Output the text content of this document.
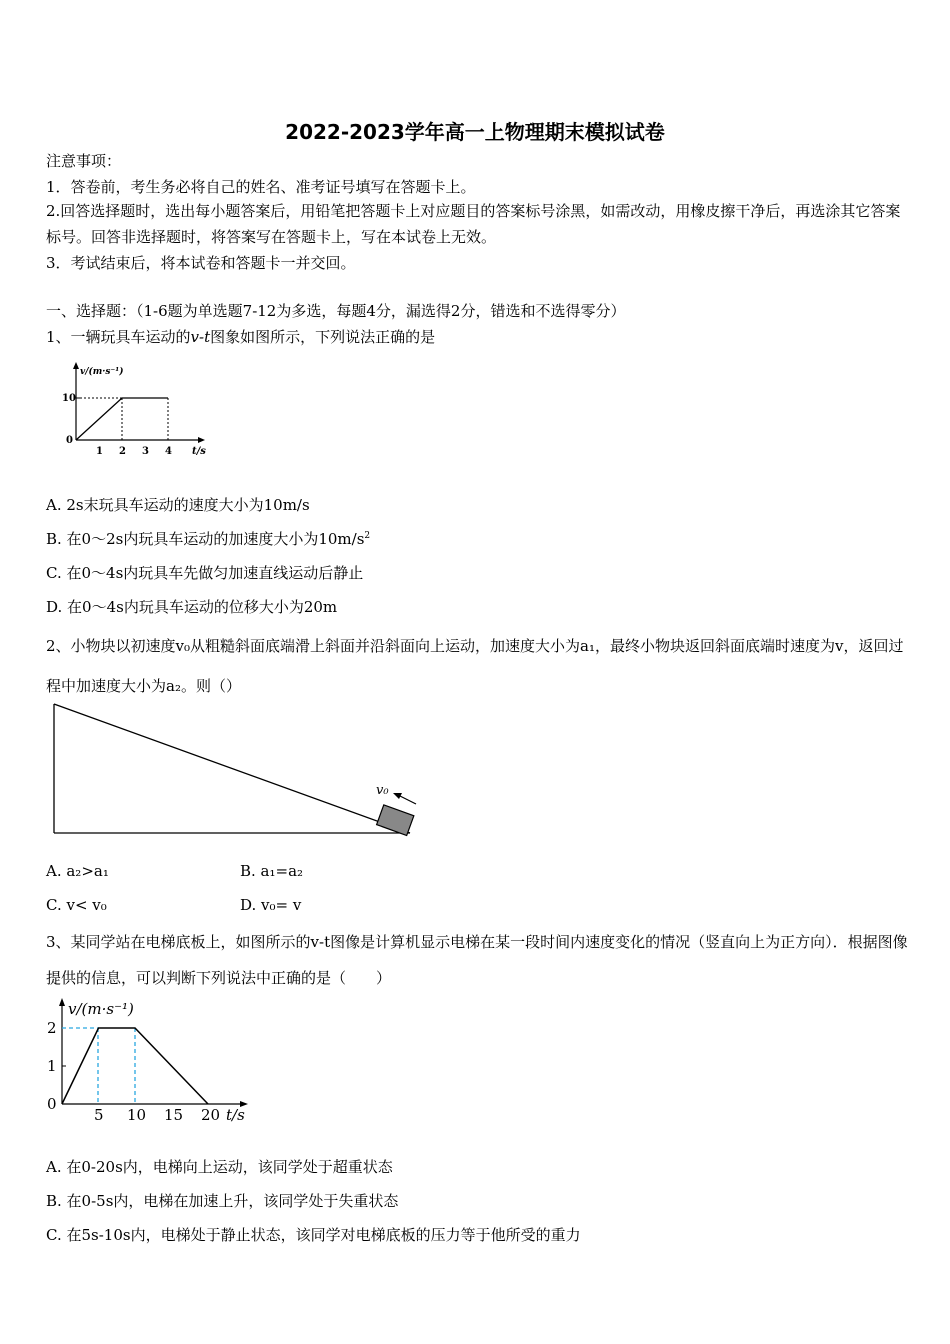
2022-2023学年高一上物理期末模拟试卷
注意事项：
1．答卷前，考生务必将自己的姓名、准考证号填写在答题卡上。
2.回答选择题时，选出每小题答案后，用铅笔把答题卡上对应题目的答案标号涂黑，如需改动，用橡皮擦干净后，再选涂其它答案标号。回答非选择题时，将答案写在答题卡上，写在本试卷上无效。
3．考试结束后，将本试卷和答题卡一并交回。
一、选择题：（1-6题为单选题7-12为多选，每题4分，漏选得2分，错选和不选得零分）
1、一辆玩具车运动的v-t图象如图所示，下列说法正确的是
v/(m·s⁻¹)
t/s
0
10
1 2 3 4
A. 2s末玩具车运动的速度大小为10m/s
B. 在0～2s内玩具车运动的加速度大小为$10m/s^2$
C. 在0～4s内玩具车先做匀加速直线运动后静止
D. 在0～4s内玩具车运动的位移大小为20m
2、小物块以初速度v₀从粗糙斜面底端滑上斜面并沿斜面向上运动，加速度大小为a₁，最终小物块返回斜面底端时速度为v，返回过程中加速度大小为a₂。则（）
v₀
A. a₂>a₁	B. a₁=a₂
C. v< v₀	D. v₀= v
3、某同学站在电梯底板上，如图所示的v-t图像是计算机显示电梯在某一段时间内速度变化的情况（竖直向上为正方向）．根据图像提供的信息，可以判断下列说法中正确的是（　　）
v/(m·s⁻¹)
t/s
0
1
2
5 10 15 20
A. 在0-20s内，电梯向上运动，该同学处于超重状态
B. 在0-5s内，电梯在加速上升，该同学处于失重状态
C. 在5s-10s内，电梯处于静止状态，该同学对电梯底板的压力等于他所受的重力
